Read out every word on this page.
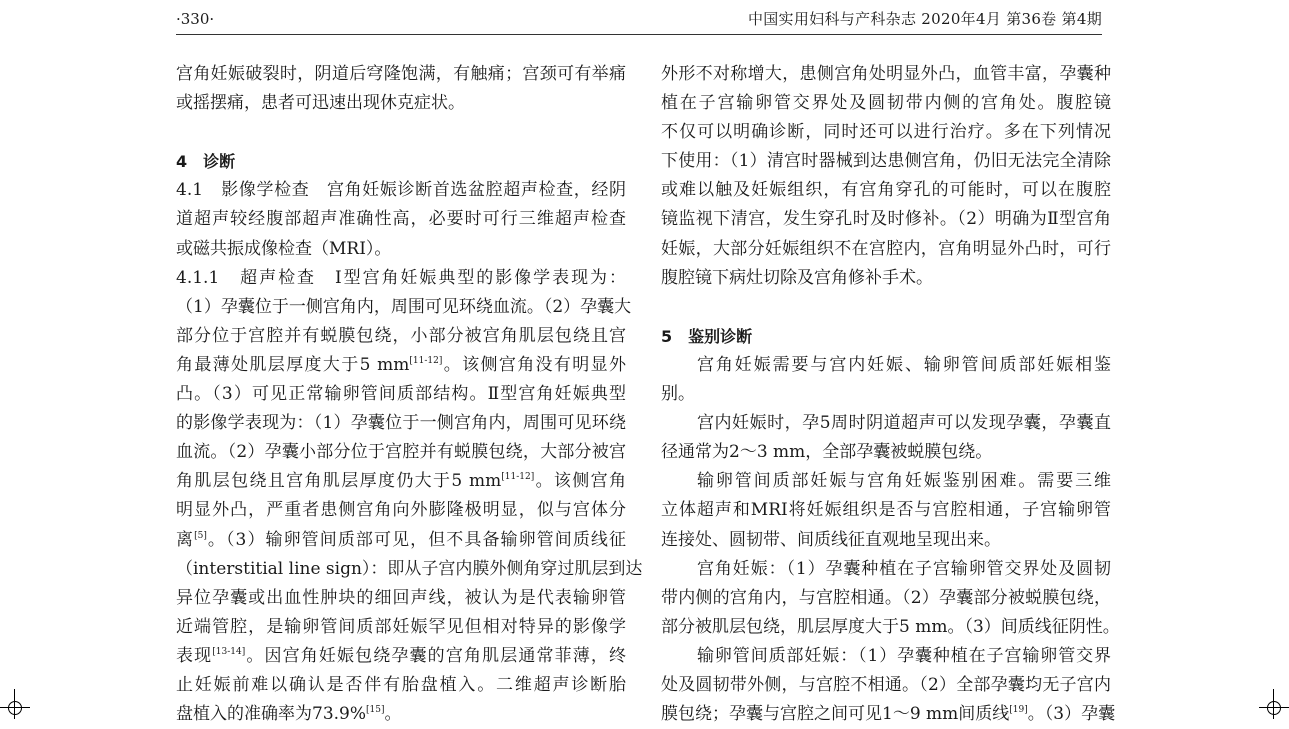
·330·	中国实用妇科与产科杂志 2020年4月 第36卷 第4期
宫角妊娠破裂时，阴道后穹隆饱满，有触痛；宫颈可有举痛
或摇摆痛，患者可迅速出现休克症状。
4　诊断
4.1　影像学检查　宫角妊娠诊断首选盆腔超声检查，经阴
道超声较经腹部超声准确性高，必要时可行三维超声检查
或磁共振成像检查（MRI）。
4.1.1　超声检查　Ⅰ型宫角妊娠典型的影像学表现为：
（1）孕囊位于一侧宫角内，周围可见环绕血流。（2）孕囊大
部分位于宫腔并有蜕膜包绕，小部分被宫角肌层包绕且宫
角最薄处肌层厚度大于5 mm[11-12]。该侧宫角没有明显外
凸。（3）可见正常输卵管间质部结构。Ⅱ型宫角妊娠典型
的影像学表现为：（1）孕囊位于一侧宫角内，周围可见环绕
血流。（2）孕囊小部分位于宫腔并有蜕膜包绕，大部分被宫
角肌层包绕且宫角肌层厚度仍大于5 mm[11-12]。该侧宫角
明显外凸，严重者患侧宫角向外膨隆极明显，似与宫体分
离[5]。（3）输卵管间质部可见，但不具备输卵管间质线征
（interstitial line sign）：即从子宫内膜外侧角穿过肌层到达
异位孕囊或出血性肿块的细回声线，被认为是代表输卵管
近端管腔，是输卵管间质部妊娠罕见但相对特异的影像学
表现[13-14]。因宫角妊娠包绕孕囊的宫角肌层通常菲薄，终
止妊娠前难以确认是否伴有胎盘植入。二维超声诊断胎
盘植入的准确率为73.9%[15]。
外形不对称增大，患侧宫角处明显外凸，血管丰富，孕囊种
植在子宫输卵管交界处及圆韧带内侧的宫角处。腹腔镜
不仅可以明确诊断，同时还可以进行治疗。多在下列情况
下使用：（1）清宫时器械到达患侧宫角，仍旧无法完全清除
或难以触及妊娠组织，有宫角穿孔的可能时，可以在腹腔
镜监视下清宫，发生穿孔时及时修补。（2）明确为Ⅱ型宫角
妊娠，大部分妊娠组织不在宫腔内，宫角明显外凸时，可行
腹腔镜下病灶切除及宫角修补手术。
5　鉴别诊断
宫角妊娠需要与宫内妊娠、输卵管间质部妊娠相鉴
别。
宫内妊娠时，孕5周时阴道超声可以发现孕囊，孕囊直
径通常为2～3 mm，全部孕囊被蜕膜包绕。
输卵管间质部妊娠与宫角妊娠鉴别困难。需要三维
立体超声和MRI将妊娠组织是否与宫腔相通，子宫输卵管
连接处、圆韧带、间质线征直观地呈现出来。
宫角妊娠：（1）孕囊种植在子宫输卵管交界处及圆韧
带内侧的宫角内，与宫腔相通。（2）孕囊部分被蜕膜包绕，
部分被肌层包绕，肌层厚度大于5 mm。（3）间质线征阴性。
输卵管间质部妊娠：（1）孕囊种植在子宫输卵管交界
处及圆韧带外侧，与宫腔不相通。（2）全部孕囊均无子宫内
膜包绕；孕囊与宫腔之间可见1～9 mm间质线[19]。（3）孕囊
